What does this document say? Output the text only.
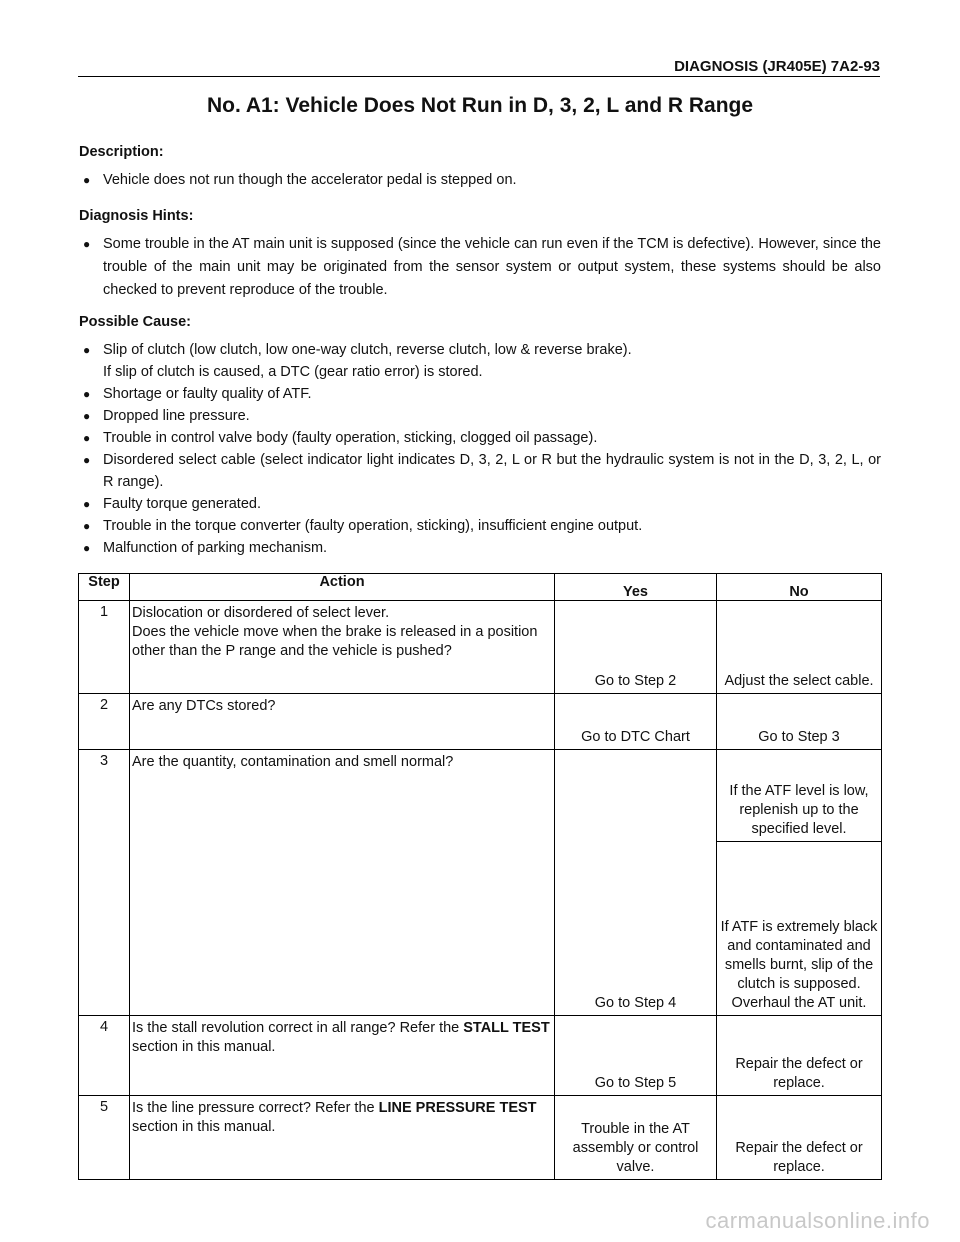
DIAGNOSIS (JR405E) 7A2-93
No. A1: Vehicle Does Not Run in D, 3, 2, L and R Range
Description:
● Vehicle does not run though the accelerator pedal is stepped on.
Diagnosis Hints:
● Some trouble in the AT main unit is supposed (since the vehicle can run even if the TCM is defective). However, since the trouble of the main unit may be originated from the sensor system or output system, these systems should be also checked to prevent reproduce of the trouble.
Possible Cause:
● Slip of clutch (low clutch, low one-way clutch, reverse clutch, low & reverse brake).
If slip of clutch is caused, a DTC (gear ratio error) is stored.
● Shortage or faulty quality of ATF.
● Dropped line pressure.
● Trouble in control valve body (faulty operation, sticking, clogged oil passage).
● Disordered select cable (select indicator light indicates D, 3, 2, L or R but the hydraulic system is not in the D, 3, 2, L, or R range).
● Faulty torque generated.
● Trouble in the torque converter (faulty operation, sticking), insufficient engine output.
● Malfunction of parking mechanism.
Step	Action	Yes	No
1	Dislocation or disordered of select lever.
Does the vehicle move when the brake is released in a position other than the P range and the vehicle is pushed?	Go to Step 2	Adjust the select cable.
2	Are any DTCs stored?	Go to DTC Chart	Go to Step 3
3	Are the quantity, contamination and smell normal?	Go to Step 4	If the ATF level is low, replenish up to the specified level.
			If ATF is extremely black and contaminated and smells burnt, slip of the clutch is supposed. Overhaul the AT unit.
4	Is the stall revolution correct in all range? Refer the STALL TEST section in this manual.	Go to Step 5	Repair the defect or replace.
5	Is the line pressure correct? Refer the LINE PRESSURE TEST section in this manual.	Trouble in the AT assembly or control valve.	Repair the defect or replace.
carmanualsonline.info
